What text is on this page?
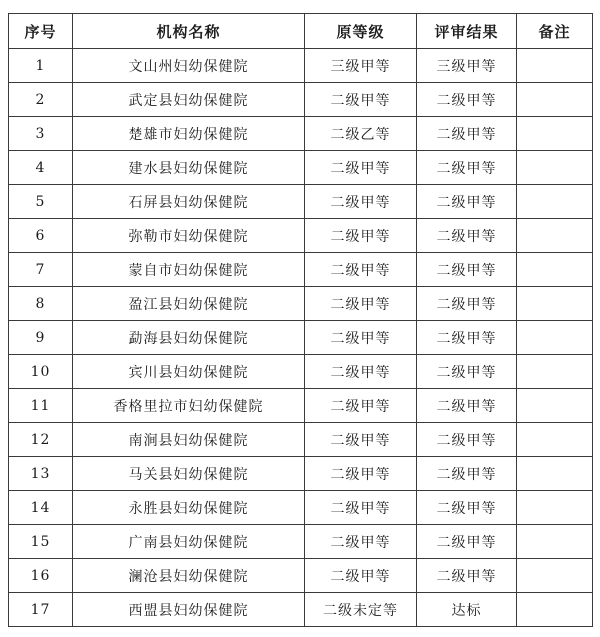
序号	机构名称	原等级	评审结果	备注
1	文山州妇幼保健院	三级甲等	三级甲等	
2	武定县妇幼保健院	二级甲等	二级甲等	
3	楚雄市妇幼保健院	二级乙等	二级甲等	
4	建水县妇幼保健院	二级甲等	二级甲等	
5	石屏县妇幼保健院	二级甲等	二级甲等	
6	弥勒市妇幼保健院	二级甲等	二级甲等	
7	蒙自市妇幼保健院	二级甲等	二级甲等	
8	盈江县妇幼保健院	二级甲等	二级甲等	
9	勐海县妇幼保健院	二级甲等	二级甲等	
10	宾川县妇幼保健院	二级甲等	二级甲等	
11	香格里拉市妇幼保健院	二级甲等	二级甲等	
12	南涧县妇幼保健院	二级甲等	二级甲等	
13	马关县妇幼保健院	二级甲等	二级甲等	
14	永胜县妇幼保健院	二级甲等	二级甲等	
15	广南县妇幼保健院	二级甲等	二级甲等	
16	澜沧县妇幼保健院	二级甲等	二级甲等	
17	西盟县妇幼保健院	二级未定等	达标	
